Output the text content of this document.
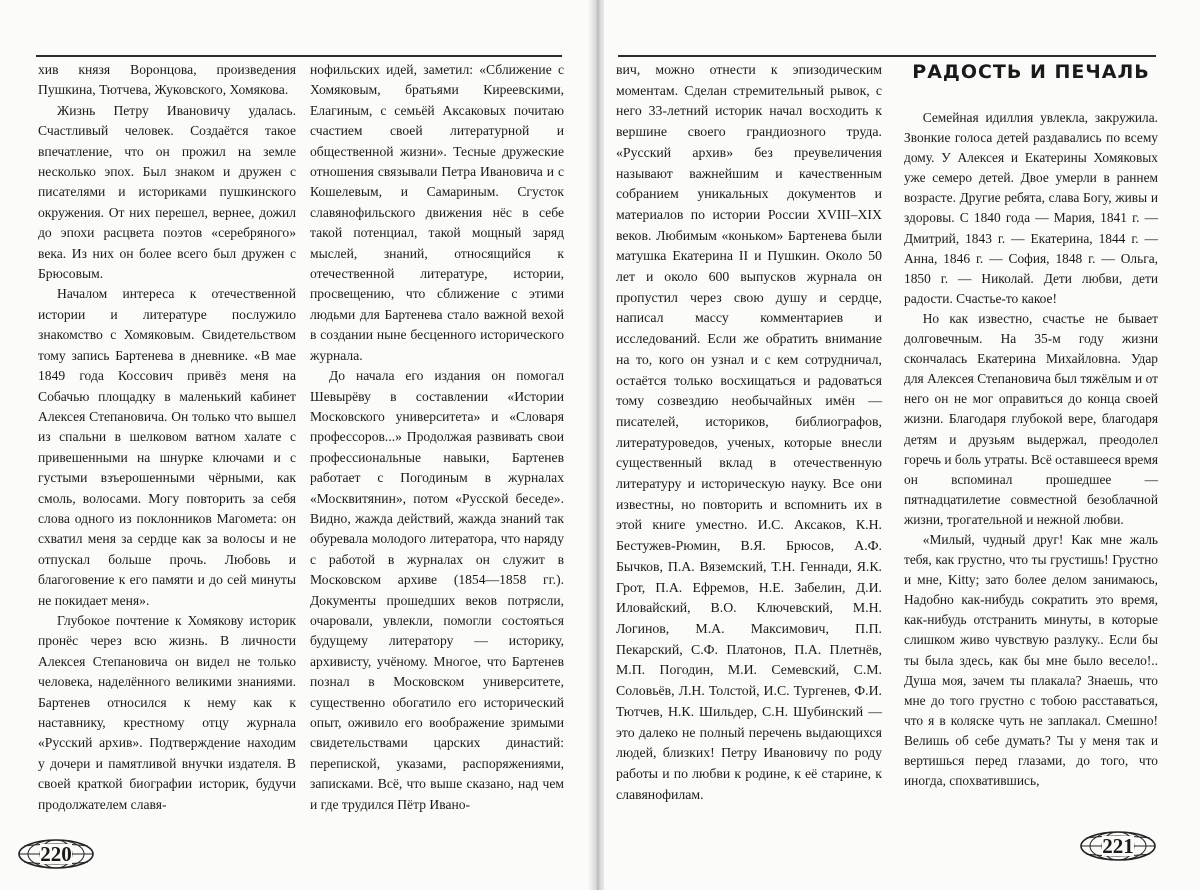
хив князя Воронцова, произведения Пушкина, Тютчева, Жуковского, Хомякова.

Жизнь Петру Ивановичу удалась. Счастливый человек. Создаётся такое впечатление, что он прожил на земле несколько эпох. Был знаком и дружен с писателями и историками пушкинского окружения. От них перешел, вернее, дожил до эпохи расцвета поэтов «серебряного» века. Из них он более всего был дружен с Брюсовым.

Началом интереса к отечественной истории и литературе послужило знакомство с Хомяковым. Свидетельством тому запись Бартенева в дневнике. «В мае 1849 года Коссович привёз меня на Собачью площадку в маленький кабинет Алексея Степановича. Он только что вышел из спальни в шелковом ватном халате с привешенными на шнурке ключами и с густыми взъерошенными чёрными, как смоль, волосами. Могу повторить за себя слова одного из поклонников Магомета: он схватил меня за сердце как за волосы и не отпускал больше прочь. Любовь и благоговение к его памяти и до сей минуты не покидает меня».

Глубокое почтение к Хомякову историк пронёс через всю жизнь. В личности Алексея Степановича он видел не только человека, наделённого великими знаниями. Бартенев относился к нему как к наставнику, крестному отцу журнала «Русский архив». Подтверждение находим у дочери и памятливой внучки издателя. В своей краткой биографии историк, будучи продолжателем славя-

нофильских идей, заметил: «Сближение с Хомяковым, братьями Киреевскими, Елагиным, с семьёй Аксаковых почитаю счастием своей литературной и общественной жизни». Тесные дружеские отношения связывали Петра Ивановича и с Кошелевым, и Самариным. Сгусток славянофильского движения нёс в себе такой потенциал, такой мощный заряд мыслей, знаний, относящийся к отечественной литературе, истории, просвещению, что сближение с этими людьми для Бартенева стало важной вехой в создании ныне бесценного исторического журнала.

До начала его издания он помогал Шевырёву в составлении «Истории Московского университета» и «Словаря профессоров...» Продолжая развивать свои профессиональные навыки, Бартенев работает с Погодиным в журналах «Москвитянин», потом «Русской беседе». Видно, жажда действий, жажда знаний так обуревала молодого литератора, что наряду с работой в журналах он служит в Московском архиве (1854—1858 гг.). Документы прошедших веков потрясли, очаровали, увлекли, помогли состояться будущему литератору — историку, архивисту, учёному. Многое, что Бартенев познал в Московском университете, существенно обогатило его исторический опыт, оживило его воображение зримыми свидетельствами царских династий: перепиской, указами, распоряжениями, записками. Всё, что выше сказано, над чем и где трудился Пётр Ивано-

220

вич, можно отнести к эпизодическим моментам. Сделан стремительный рывок, с него 33-летний историк начал восходить к вершине своего грандиозного труда. «Русский архив» без преувеличения называют важнейшим и качественным собранием уникальных документов и материалов по истории России XVIII–XIX веков. Любимым «коньком» Бартенева были матушка Екатерина II и Пушкин. Около 50 лет и около 600 выпусков журнала он пропустил через свою душу и сердце, написал массу комментариев и исследований. Если же обратить внимание на то, кого он узнал и с кем сотрудничал, остаётся только восхищаться и радоваться тому созвездию необычайных имён — писателей, историков, библиографов, литературоведов, ученых, которые внесли существенный вклад в отечественную литературу и историческую науку. Все они известны, но повторить и вспомнить их в этой книге уместно. И.С. Аксаков, К.Н. Бестужев-Рюмин, В.Я. Брюсов, А.Ф. Бычков, П.А. Вяземский, Т.Н. Геннади, Я.К. Грот, П.А. Ефремов, Н.Е. Забелин, Д.И. Иловайский, В.О. Ключевский, М.Н. Логинов, М.А. Максимович, П.П. Пекарский, С.Ф. Платонов, П.А. Плетнёв, М.П. Погодин, М.И. Семевский, С.М. Соловьёв, Л.Н. Толстой, И.С. Тургенев, Ф.И. Тютчев, Н.К. Шильдер, С.Н. Шубинский — это далеко не полный перечень выдающихся людей, близких! Петру Ивановичу по роду работы и по любви к родине, к её старине, к славянофилам.

РАДОСТЬ И ПЕЧАЛЬ

Семейная идиллия увлекла, закружила. Звонкие голоса детей раздавались по всему дому. У Алексея и Екатерины Хомяковых уже семеро детей. Двое умерли в раннем возрасте. Другие ребята, слава Богу, живы и здоровы. С 1840 года — Мария, 1841 г. — Дмитрий, 1843 г. — Екатерина, 1844 г. — Анна, 1846 г. — София, 1848 г. — Ольга, 1850 г. — Николай. Дети любви, дети радости. Счастье-то какое!

Но как известно, счастье не бывает долговечным. На 35-м году жизни скончалась Екатерина Михайловна. Удар для Алексея Степановича был тяжёлым и от него он не мог оправиться до конца своей жизни. Благодаря глубокой вере, благодаря детям и друзьям выдержал, преодолел горечь и боль утраты. Всё оставшееся время он вспоминал прошедшее — пятнадцатилетие совместной безоблачной жизни, трогательной и нежной любви.

«Милый, чудный друг! Как мне жаль тебя, как грустно, что ты грустишь! Грустно и мне, Kitty; зато более делом занимаюсь, Надобно как-нибудь сократить это время, как-нибудь отстранить минуты, в которые слишком живо чувствую разлуку.. Если бы ты была здесь, как бы мне было весело!.. Душа моя, зачем ты плакала? Знаешь, что мне до того грустно с тобою расставаться, что я в коляске чуть не заплакал. Смешно! Велишь об себе думать? Ты у меня так и вертишься перед глазами, до того, что иногда, спохватившись,

221
